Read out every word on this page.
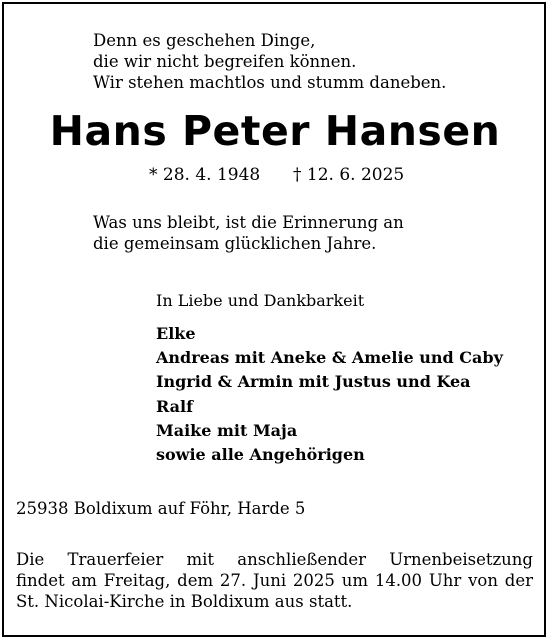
Denn es geschehen Dinge,
die wir nicht begreifen können.
Wir stehen machtlos und stumm daneben.
Hans Peter Hansen
* 28. 4. 1948 † 12. 6. 2025
Was uns bleibt, ist die Erinnerung an
die gemeinsam glücklichen Jahre.
In Liebe und Dankbarkeit
Elke
Andreas mit Aneke & Amelie und Caby
Ingrid & Armin mit Justus und Kea
Ralf
Maike mit Maja
sowie alle Angehörigen
25938 Boldixum auf Föhr, Harde 5
Die Trauerfeier mit anschließender Urnenbeisetzung
findet am Freitag, dem 27. Juni 2025 um 14.00 Uhr von der
St. Nicolai-Kirche in Boldixum aus statt.
